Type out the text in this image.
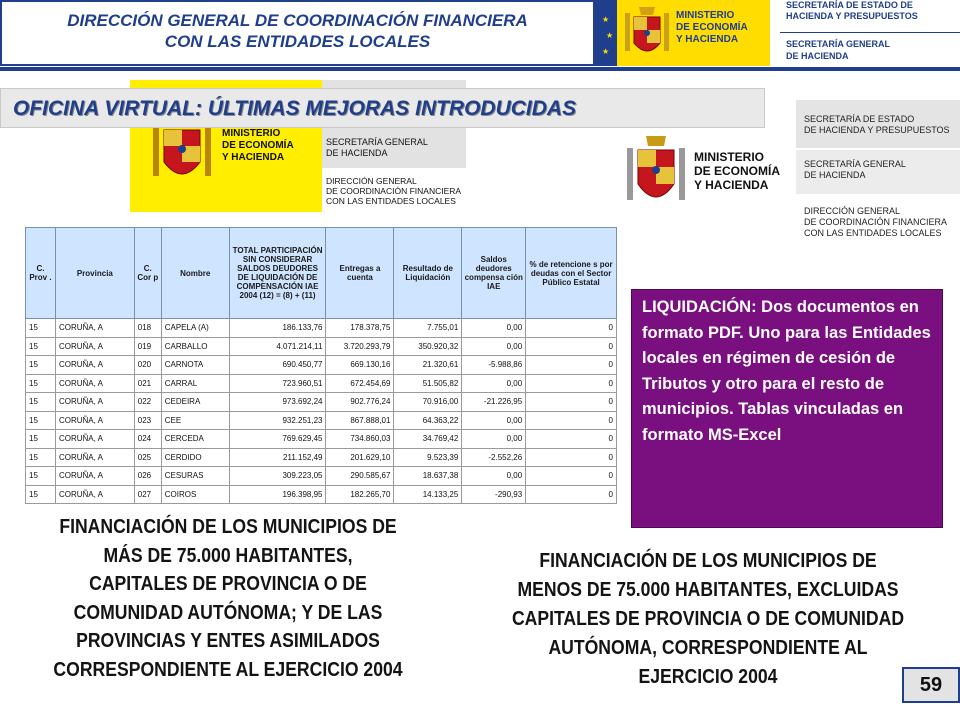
DIRECCIÓN GENERAL DE COORDINACIÓN FINANCIERA
CON LAS ENTIDADES LOCALES
★
★
★
MINISTERIO
DE ECONOMÍA
Y HACIENDA
SECRETARÍA DE ESTADO DE
HACIENDA Y PRESUPUESTOS
SECRETARÍA GENERAL
DE HACIENDA
MINISTERIO
DE ECONOMÍA
Y HACIENDA
SECRETARÍA GENERAL
DE HACIENDA
DIRECCIÓN GENERAL
DE COORDINACIÓN FINANCIERA
CON LAS ENTIDADES LOCALES
OFICINA VIRTUAL: ÚLTIMAS MEJORAS INTRODUCIDAS
MINISTERIO
DE ECONOMÍA
Y HACIENDA
SECRETARÍA DE ESTADO
DE HACIENDA Y PRESUPUESTOS
SECRETARÍA GENERAL
DE HACIENDA
DIRECCIÓN GENERAL
DE COORDINACIÓN FINANCIERA
CON LAS ENTIDADES LOCALES
C. Prov .	Provincia	C. Cor p	Nombre	TOTAL PARTICIPACIÓN SIN CONSIDERAR SALDOS DEUDORES DE LIQUIDACIÓN DE COMPENSACIÓN IAE 2004 (12) = (8) + (11)	Entregas a cuenta	Resultado de Liquidación	Saldos deudores compensa ción IAE	% de retencione s por deudas con el Sector Público Estatal
15	CORUÑA, A	018	CAPELA (A)	186.133,76	178.378,75	7.755,01	0,00	0
15	CORUÑA, A	019	CARBALLO	4.071.214,11	3.720.293,79	350.920,32	0,00	0
15	CORUÑA, A	020	CARNOTA	690.450,77	669.130,16	21.320,61	-5.988,86	0
15	CORUÑA, A	021	CARRAL	723.960,51	672.454,69	51.505,82	0,00	0
15	CORUÑA, A	022	CEDEIRA	973.692,24	902.776,24	70.916,00	-21.226,95	0
15	CORUÑA, A	023	CEE	932.251,23	867.888,01	64.363,22	0,00	0
15	CORUÑA, A	024	CERCEDA	769.629,45	734.860,03	34.769,42	0,00	0
15	CORUÑA, A	025	CERDIDO	211.152,49	201.629,10	9.523,39	-2.552,26	0
15	CORUÑA, A	026	CESURAS	309.223,05	290.585,67	18.637,38	0,00	0
15	CORUÑA, A	027	COIROS	196.398,95	182.265,70	14.133,25	-290,93	0

LIQUIDACIÓN: Dos documentos en formato PDF. Uno para las Entidades locales en régimen de cesión de Tributos y otro para el resto de municipios. Tablas vinculadas en formato MS-Excel

FINANCIACIÓN DE LOS MUNICIPIOS DE MÁS DE 75.000 HABITANTES, CAPITALES DE PROVINCIA O DE COMUNIDAD AUTÓNOMA; Y DE LAS PROVINCIAS Y ENTES ASIMILADOS CORRESPONDIENTE AL EJERCICIO 2004
FINANCIACIÓN DE LOS MUNICIPIOS DE MENOS DE 75.000 HABITANTES, EXCLUIDAS CAPITALES DE PROVINCIA O DE COMUNIDAD AUTÓNOMA, CORRESPONDIENTE AL EJERCICIO 2004	59
